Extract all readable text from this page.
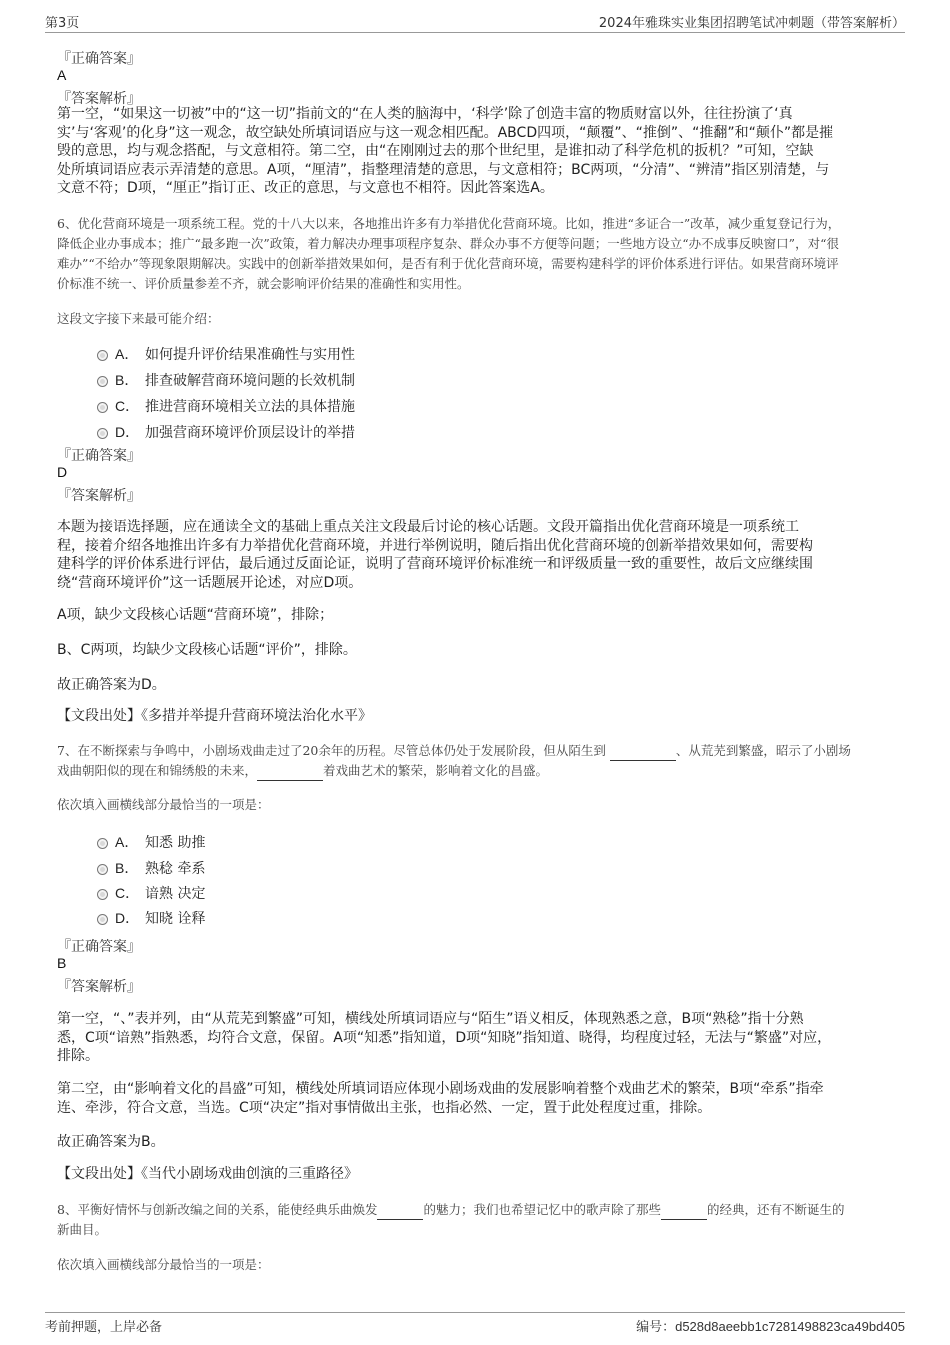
第3页	2024年雅珠实业集团招聘笔试冲刺题（带答案解析）
『正确答案』
A
『答案解析』
第一空，“如果这一切被”中的“这一切”指前文的“在人类的脑海中，‘科学’除了创造丰富的物质财富以外，往往扮演了‘真
实’与‘客观’的化身”这一观念，故空缺处所填词语应与这一观念相匹配。ABCD四项，“颠覆”、“推倒”、“推翻”和“颠仆”都是摧
毁的意思，均与观念搭配，与文意相符。第二空，由“在刚刚过去的那个世纪里，是谁扣动了科学危机的扳机？”可知，空缺
处所填词语应表示弄清楚的意思。A项，“厘清”，指整理清楚的意思，与文意相符；BC两项，“分清”、“辨清”指区别清楚，与
文意不符；D项，“厘正”指订正、改正的意思，与文意也不相符。因此答案选A。
6、优化营商环境是一项系统工程。党的十八大以来，各地推出许多有力举措优化营商环境。比如，推进“多证合一”改革，减少重复登记行为，
降低企业办事成本；推广“最多跑一次”政策，着力解决办理事项程序复杂、群众办事不方便等问题；一些地方设立“办不成事反映窗口”，对“很
难办”“不给办”等现象限期解决。实践中的创新举措效果如何，是否有利于优化营商环境，需要构建科学的评价体系进行评估。如果营商环境评
价标准不统一、评价质量参差不齐，就会影响评价结果的准确性和实用性。
这段文字接下来最可能介绍：
A． 如何提升评价结果准确性与实用性
B． 排查破解营商环境问题的长效机制
C． 推进营商环境相关立法的具体措施
D． 加强营商环境评价顶层设计的举措
『正确答案』
D
『答案解析』
本题为接语选择题，应在通读全文的基础上重点关注文段最后讨论的核心话题。文段开篇指出优化营商环境是一项系统工
程，接着介绍各地推出许多有力举措优化营商环境，并进行举例说明，随后指出优化营商环境的创新举措效果如何，需要构
建科学的评价体系进行评估，最后通过反面论证，说明了营商环境评价标准统一和评级质量一致的重要性，故后文应继续围
绕“营商环境评价”这一话题展开论述，对应D项。
A项，缺少文段核心话题“营商环境”，排除；
B、C两项，均缺少文段核心话题“评价”，排除。
故正确答案为D。
【文段出处】《多措并举提升营商环境法治化水平》
7、在不断探索与争鸣中，小剧场戏曲走过了20余年的历程。尽管总体仍处于发展阶段，但从陌生到	、从荒芜到繁盛，昭示了小剧场
戏曲朝阳似的现在和锦绣般的未来，	着戏曲艺术的繁荣，影响着文化的昌盛。
依次填入画横线部分最恰当的一项是：
A． 知悉 助推
B． 熟稔 牵系
C． 谙熟 决定
D． 知晓 诠释
『正确答案』
B
『答案解析』
第一空，“、”表并列，由“从荒芜到繁盛”可知，横线处所填词语应与“陌生”语义相反，体现熟悉之意，B项“熟稔”指十分熟
悉，C项“谙熟”指熟悉，均符合文意，保留。A项“知悉”指知道，D项“知晓”指知道、晓得，均程度过轻，无法与“繁盛”对应，
排除。
第二空，由“影响着文化的昌盛”可知，横线处所填词语应体现小剧场戏曲的发展影响着整个戏曲艺术的繁荣，B项“牵系”指牵
连、牵涉，符合文意，当选。C项“决定”指对事情做出主张，也指必然、一定，置于此处程度过重，排除。
故正确答案为B。
【文段出处】《当代小剧场戏曲创演的三重路径》
8、平衡好情怀与创新改编之间的关系，能使经典乐曲焕发	的魅力；我们也希望记忆中的歌声除了那些	的经典，还有不断诞生的
新曲目。
依次填入画横线部分最恰当的一项是：
考前押题，上岸必备	编号：d528d8aeebb1c7281498823ca49bd405
